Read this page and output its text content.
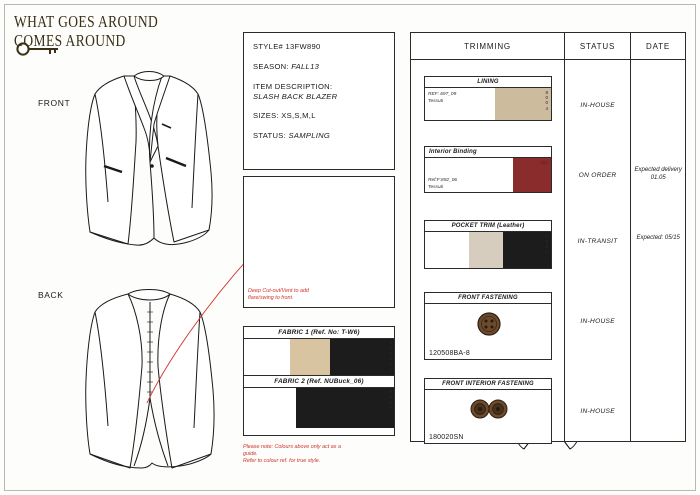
WHAT GOES AROUND
COMES AROUND
FRONT
BACK
STYLE# 13FW890
SEASON: FALL13
ITEM DESCRIPTION:
SLASH BACK BLAZER
SIZES: XS,S,M,L
STATUS: SAMPLING
Deep Cut-out/Vent to add
flare/swing to front.
FABRIC 1 (Ref. No: T-W6)
8
0
4
2
0
1
FABRIC 2 (Ref. NUBuck_06)
8
0
6
9
Please note: Colours above only act as a
guide.
Refer to colour ref. for true style.
TRIMMING	STATUS	DATE
LINING
8
0
0
4
REF: 697_09
Tessuti
Interior Binding
860
Ref:F:892_06
Tessuti
POCKET TRIM (Leather)
0
0
6
0
FRONT FASTENING
120508BA-8
FRONT INTERIOR FASTENING
180020SN
IN-HOUSE
ON ORDER
IN-TRANSIT
IN-HOUSE
IN-HOUSE
Expected delivery 01.05
Expected: 05/15
